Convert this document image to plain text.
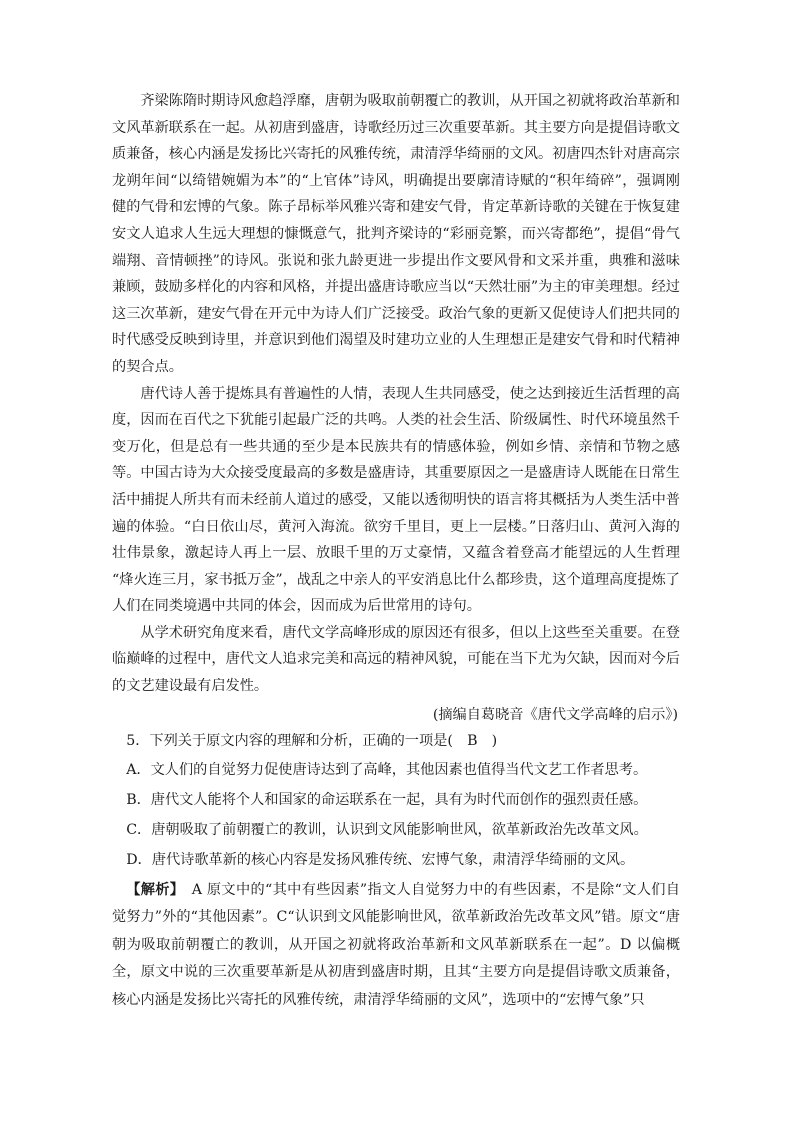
齐梁陈隋时期诗风愈趋浮靡，唐朝为吸取前朝覆亡的教训，从开国之初就将政治革新和文风革新联系在一起。从初唐到盛唐，诗歌经历过三次重要革新。其主要方向是提倡诗歌文质兼备，核心内涵是发扬比兴寄托的风雅传统，肃清浮华绮丽的文风。初唐四杰针对唐高宗龙朔年间“以绮错婉媚为本”的“上官体”诗风，明确提出要廓清诗赋的“积年绮碎”，强调刚健的气骨和宏博的气象。陈子昂标举风雅兴寄和建安气骨，肯定革新诗歌的关键在于恢复建安文人追求人生远大理想的慷慨意气，批判齐梁诗的“彩丽竞繁，而兴寄都绝”，提倡“骨气端翔、音情顿挫”的诗风。张说和张九龄更进一步提出作文要风骨和文采并重，典雅和滋味兼顾，鼓励多样化的内容和风格，并提出盛唐诗歌应当以“天然壮丽”为主的审美理想。经过这三次革新，建安气骨在开元中为诗人们广泛接受。政治气象的更新又促使诗人们把共同的时代感受反映到诗里，并意识到他们渴望及时建功立业的人生理想正是建安气骨和时代精神的契合点。

唐代诗人善于提炼具有普遍性的人情，表现人生共同感受，使之达到接近生活哲理的高度，因而在百代之下犹能引起最广泛的共鸣。人类的社会生活、阶级属性、时代环境虽然千变万化，但是总有一些共通的至少是本民族共有的情感体验，例如乡情、亲情和节物之感等。中国古诗为大众接受度最高的多数是盛唐诗，其重要原因之一是盛唐诗人既能在日常生活中捕捉人所共有而未经前人道过的感受，又能以透彻明快的语言将其概括为人类生活中普遍的体验。“白日依山尽，黄河入海流。欲穷千里目，更上一层楼。”日落归山、黄河入海的壮伟景象，激起诗人再上一层、放眼千里的万丈豪情，又蕴含着登高才能望远的人生哲理 “烽火连三月，家书抵万金”，战乱之中亲人的平安消息比什么都珍贵，这个道理高度提炼了人们在同类境遇中共同的体会，因而成为后世常用的诗句。

从学术研究角度来看，唐代文学高峰形成的原因还有很多，但以上这些至关重要。在登临巅峰的过程中，唐代文人追求完美和高远的精神风貌，可能在当下尤为欠缺，因而对今后的文艺建设最有启发性。

(摘编自葛晓音《唐代文学高峰的启示》)

5．下列关于原文内容的理解和分析，正确的一项是(　B　)

A．文人们的自觉努力促使唐诗达到了高峰，其他因素也值得当代文艺工作者思考。

B．唐代文人能将个人和国家的命运联系在一起，具有为时代而创作的强烈责任感。

C．唐朝吸取了前朝覆亡的教训，认识到文风能影响世风，欲革新政治先改革文风。

D．唐代诗歌革新的核心内容是发扬风雅传统、宏博气象，肃清浮华绮丽的文风。

【解析】　A 原文中的“其中有些因素”指文人自觉努力中的有些因素，不是除“文人们自觉努力”外的“其他因素”。C“认识到文风能影响世风，欲革新政治先改革文风”错。原文“唐朝为吸取前朝覆亡的教训，从开国之初就将政治革新和文风革新联系在一起”。D 以偏概全，原文中说的三次重要革新是从初唐到盛唐时期，且其“主要方向是提倡诗歌文质兼备，核心内涵是发扬比兴寄托的风雅传统，肃清浮华绮丽的文风”，选项中的“宏博气象”只
